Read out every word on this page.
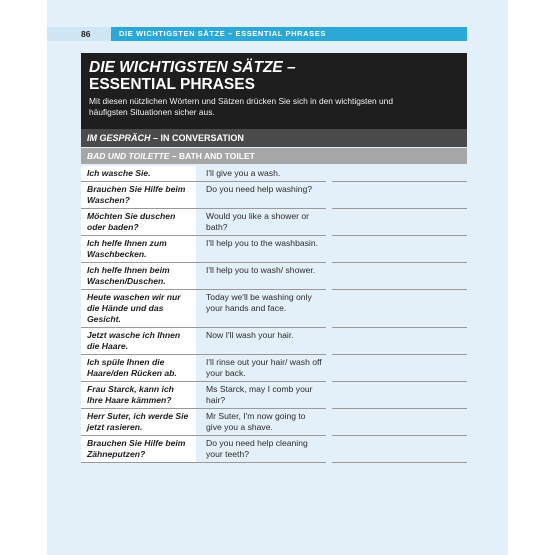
86	DIE WICHTIGSTEN SÄTZE – ESSENTIAL PHRASES
DIE WICHTIGSTEN SÄTZE –
ESSENTIAL PHRASES
Mit diesen nützlichen Wörtern und Sätzen drücken Sie sich in den wichtigsten und häufigsten Situationen sicher aus.
IM GESPRÄCH – IN CONVERSATION
BAD UND TOILETTE – BATH AND TOILET
Ich wasche Sie.	I'll give you a wash.
Brauchen Sie Hilfe beim Waschen?
Do you need help washing?
Möchten Sie duschen oder baden?
Would you like a shower or bath?
Ich helfe Ihnen zum Waschbecken.
I'll help you to the washbasin.
Ich helfe Ihnen beim Waschen/Duschen.
I'll help you to wash/ shower.
Heute waschen wir nur die Hände und das Gesicht.
Today we'll be washing only your hands and face.
Jetzt wasche ich Ihnen die Haare.
Now I'll wash your hair.
Ich spüle Ihnen die Haare/den Rücken ab.
I'll rinse out your hair/ wash off your back.
Frau Starck, kann ich Ihre Haare kämmen?
Ms Starck, may I comb your hair?
Herr Suter, ich werde Sie jetzt rasieren.
Mr Suter, I'm now going to give you a shave.
Brauchen Sie Hilfe beim Zähneputzen?
Do you need help cleaning your teeth?
